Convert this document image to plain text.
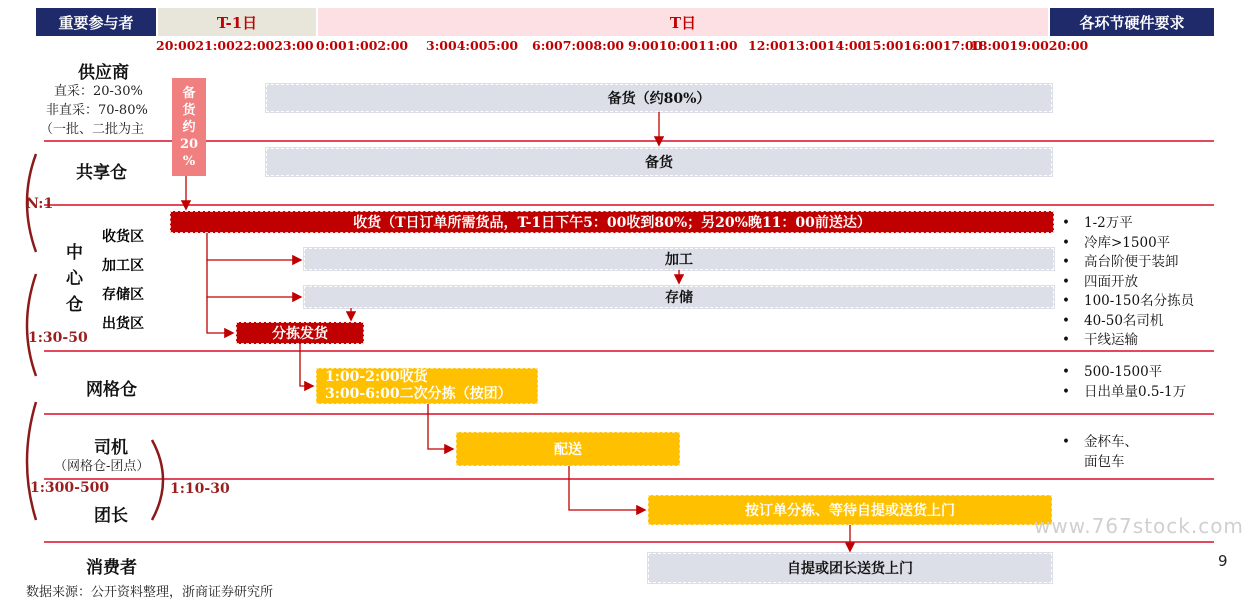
重要参与者	T-1日	T日	各环节硬件要求
20:0021:0022:0023:00 0:001:002:00 3:004:005:00 6:007:008:00 9:0010:0011:00 12:0013:0014:00
15:0016:0017:00
18:0019:0020:00
供应商
直采：20-30%
非直采：70-80%
（一批、二批为主
共享仓
中心仓
收货区
加工区
存储区
出货区
网格仓
司机
（网格仓-团点）
团长
消费者
N:1
1:30-50
1:300-500	1:10-30
备
货
约
20
%
备货（约80%）
备货
收货（T日订单所需货品，T-1日下午5：00收到80%；另20%晚11：00前送达）
加工
存储
分拣发货
1:00-2:00收货
3:00-6:00二次分拣（按团）
配送
按订单分拣、等待自提或送货上门
自提或团长送货上门
•	1-2万平
•	冷库>1500平
•	高台阶便于装卸
•	四面开放
•	100-150名分拣员
•	40-50名司机
•	干线运输
•	500-1500平
•	日出单量0.5-1万
•	金杯车、
面包车
数据来源：公开资料整理，浙商证券研究所
9
www.767stock.com
